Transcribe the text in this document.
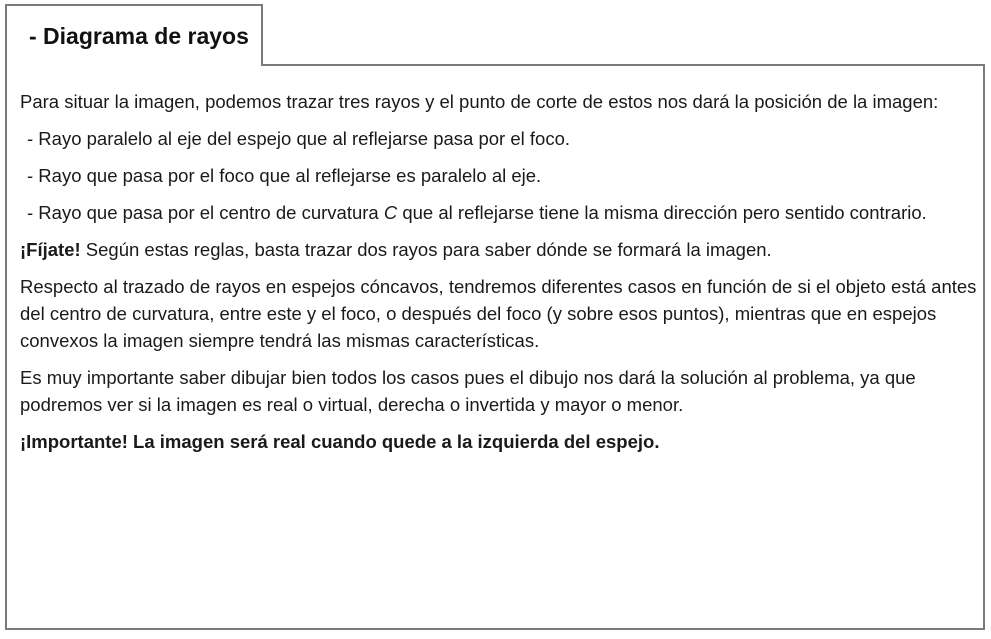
- Diagrama de rayos

Para situar la imagen, podemos trazar tres rayos y el punto de corte de estos nos dará la posición de la imagen:

- Rayo paralelo al eje del espejo que al reflejarse pasa por el foco.

- Rayo que pasa por el foco que al reflejarse es paralelo al eje.

- Rayo que pasa por el centro de curvatura C que al reflejarse tiene la misma dirección pero sentido contrario.

¡Fíjate! Según estas reglas, basta trazar dos rayos para saber dónde se formará la imagen.

Respecto al trazado de rayos en espejos cóncavos, tendremos diferentes casos en función de si el objeto está antes del centro de curvatura, entre este y el foco, o después del foco (y sobre esos puntos), mientras que en espejos convexos la imagen siempre tendrá las mismas características.

Es muy importante saber dibujar bien todos los casos pues el dibujo nos dará la solución al problema, ya que podremos ver si la imagen es real o virtual, derecha o invertida y mayor o menor.

¡Importante! La imagen será real cuando quede a la izquierda del espejo.
